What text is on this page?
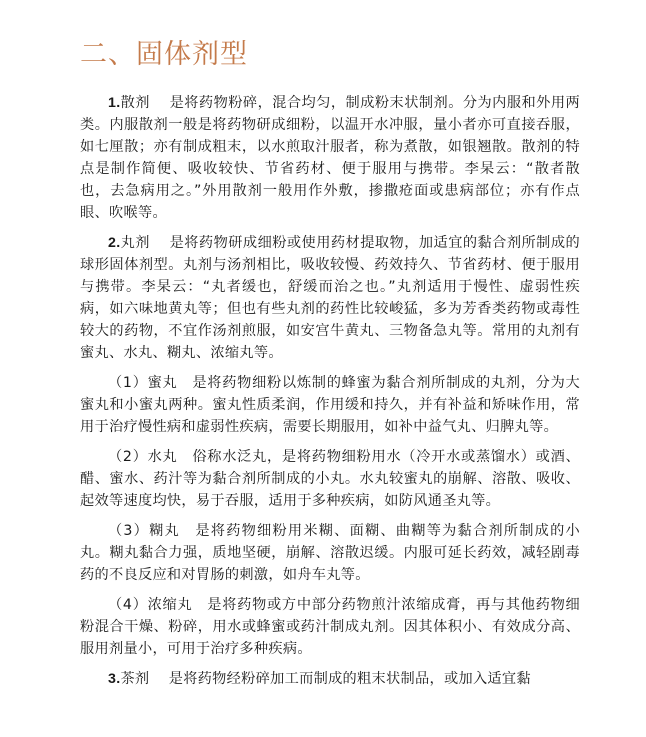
二、固体剂型

1.散剂　 是将药物粉碎，混合均匀，制成粉末状制剂。分为内服和外用两类。内服散剂一般是将药物研成细粉，以温开水冲服，量小者亦可直接吞服，如七厘散；亦有制成粗末，以水煎取汁服者，称为煮散，如银翘散。散剂的特点是制作简便、吸收较快、节省药材、便于服用与携带。李杲云：“散者散也，去急病用之。”外用散剂一般用作外敷，掺撒疮面或患病部位；亦有作点眼、吹喉等。

2.丸剂　 是将药物研成细粉或使用药材提取物，加适宜的黏合剂所制成的球形固体剂型。丸剂与汤剂相比，吸收较慢、药效持久、节省药材、便于服用与携带。李杲云：“丸者缓也，舒缓而治之也。”丸剂适用于慢性、虚弱性疾病，如六味地黄丸等；但也有些丸剂的药性比较峻猛，多为芳香类药物或毒性较大的药物，不宜作汤剂煎服，如安宫牛黄丸、三物备急丸等。常用的丸剂有蜜丸、水丸、糊丸、浓缩丸等。

（1）蜜丸　是将药物细粉以炼制的蜂蜜为黏合剂所制成的丸剂，分为大蜜丸和小蜜丸两种。蜜丸性质柔润，作用缓和持久，并有补益和矫味作用，常用于治疗慢性病和虚弱性疾病，需要长期服用，如补中益气丸、归脾丸等。

（2）水丸　俗称水泛丸，是将药物细粉用水（冷开水或蒸馏水）或酒、醋、蜜水、药汁等为黏合剂所制成的小丸。水丸较蜜丸的崩解、溶散、吸收、起效等速度均快，易于吞服，适用于多种疾病，如防风通圣丸等。

（3）糊丸　是将药物细粉用米糊、面糊、曲糊等为黏合剂所制成的小丸。糊丸黏合力强，质地坚硬，崩解、溶散迟缓。内服可延长药效，减轻剧毒药的不良反应和对胃肠的刺激，如舟车丸等。

（4）浓缩丸　是将药物或方中部分药物煎汁浓缩成膏，再与其他药物细粉混合干燥、粉碎，用水或蜂蜜或药汁制成丸剂。因其体积小、有效成分高、服用剂量小，可用于治疗多种疾病。

3.茶剂　 是将药物经粉碎加工而制成的粗末状制品，或加入适宜黏
